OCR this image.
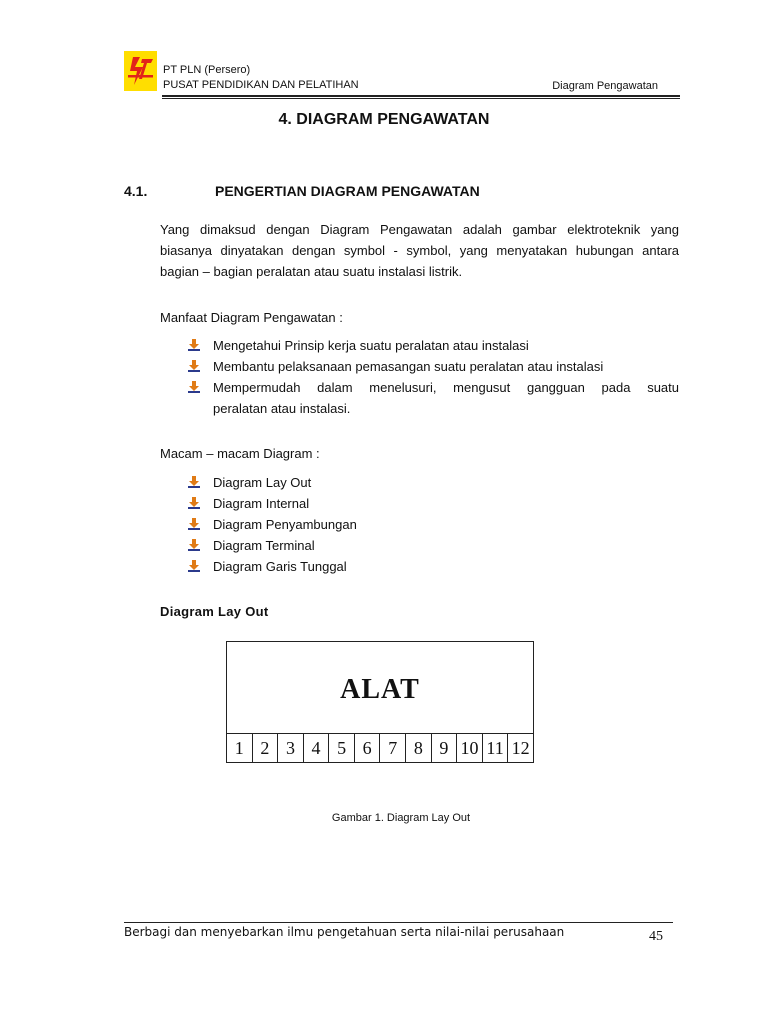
PT PLN (Persero)
PUSAT PENDIDIKAN DAN PELATIHAN	Diagram Pengawatan
4. DIAGRAM PENGAWATAN
4.1.	PENGERTIAN DIAGRAM PENGAWATAN
Yang dimaksud dengan Diagram Pengawatan adalah gambar elektroteknik yang
biasanya dinyatakan dengan symbol - symbol, yang menyatakan hubungan antara
bagian – bagian peralatan atau suatu instalasi listrik.
Manfaat Diagram Pengawatan :
Mengetahui Prinsip kerja suatu peralatan atau instalasi
Membantu pelaksanaan pemasangan suatu peralatan atau instalasi
Mempermudah dalam menelusuri, mengusut gangguan pada suatu
peralatan atau instalasi.
Macam – macam Diagram :
Diagram Lay Out
Diagram Internal
Diagram Penyambungan
Diagram Terminal
Diagram Garis Tunggal
Diagram Lay Out
ALAT
1 2 3 4 5 6 7 8 9 10 11 12
Gambar 1. Diagram Lay Out
Berbagi dan menyebarkan ilmu pengetahuan serta nilai-nilai perusahaan	45
